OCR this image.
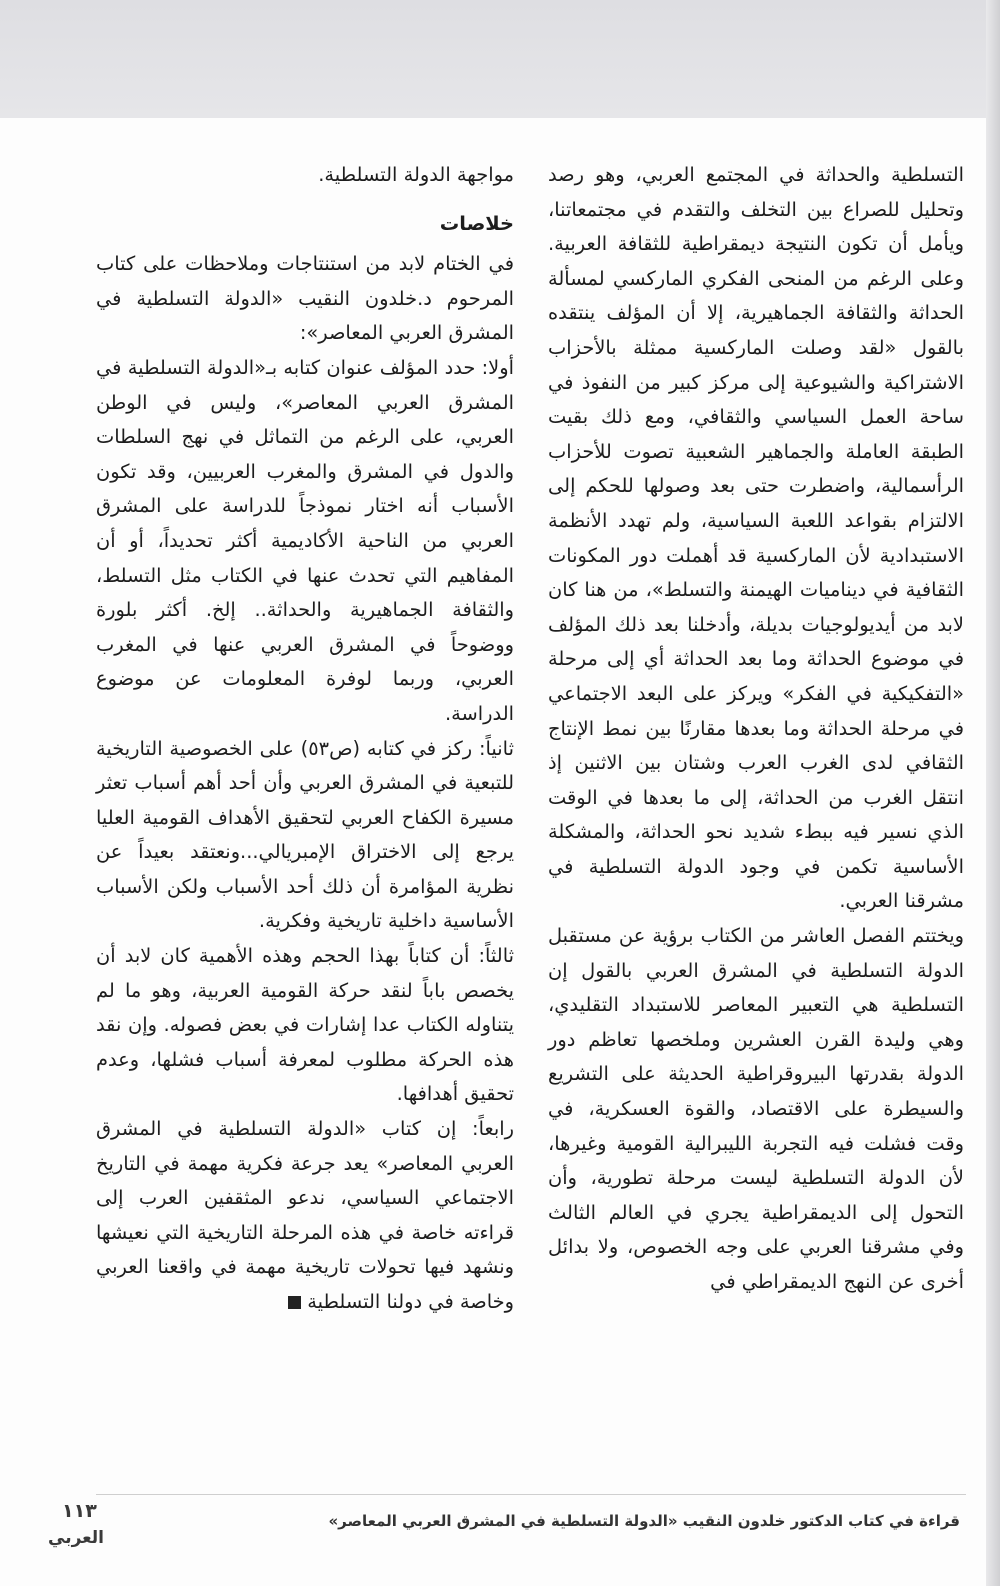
التسلطية والحداثة في المجتمع العربي، وهو رصد وتحليل للصراع بين التخلف والتقدم في مجتمعاتنا، ويأمل أن تكون النتيجة ديمقراطية للثقافة العربية. وعلى الرغم من المنحى الفكري الماركسي لمسألة الحداثة والثقافة الجماهيرية، إلا أن المؤلف ينتقده بالقول «لقد وصلت الماركسية ممثلة بالأحزاب الاشتراكية والشيوعية إلى مركز كبير من النفوذ في ساحة العمل السياسي والثقافي، ومع ذلك بقيت الطبقة العاملة والجماهير الشعبية تصوت للأحزاب الرأسمالية، واضطرت حتى بعد وصولها للحكم إلى الالتزام بقواعد اللعبة السياسية، ولم تهدد الأنظمة الاستبدادية لأن الماركسية قد أهملت دور المكونات الثقافية في ديناميات الهيمنة والتسلط»، من هنا كان لابد من أيديولوجيات بديلة، وأدخلنا بعد ذلك المؤلف في موضوع الحداثة وما بعد الحداثة أي إلى مرحلة «التفكيكية في الفكر» ويركز على البعد الاجتماعي في مرحلة الحداثة وما بعدها مقارنًا بين نمط الإنتاج الثقافي لدى الغرب العرب وشتان بين الاثنين إذ انتقل الغرب من الحداثة، إلى ما بعدها في الوقت الذي نسير فيه ببطء شديد نحو الحداثة، والمشكلة الأساسية تكمن في وجود الدولة التسلطية في مشرقنا العربي.

ويختتم الفصل العاشر من الكتاب برؤية عن مستقبل الدولة التسلطية في المشرق العربي بالقول إن التسلطية هي التعبير المعاصر للاستبداد التقليدي، وهي وليدة القرن العشرين وملخصها تعاظم دور الدولة بقدرتها البيروقراطية الحديثة على التشريع والسيطرة على الاقتصاد، والقوة العسكرية، في وقت فشلت فيه التجربة الليبرالية القومية وغيرها، لأن الدولة التسلطية ليست مرحلة تطورية، وأن التحول إلى الديمقراطية يجري في العالم الثالث وفي مشرقنا العربي على وجه الخصوص، ولا بدائل أخرى عن النهج الديمقراطي في

مواجهة الدولة التسلطية.

خلاصات

في الختام لابد من استنتاجات وملاحظات على كتاب المرحوم د.خلدون النقيب «الدولة التسلطية في المشرق العربي المعاصر»:

أولا: حدد المؤلف عنوان كتابه بـ«الدولة التسلطية في المشرق العربي المعاصر»، وليس في الوطن العربي، على الرغم من التماثل في نهج السلطات والدول في المشرق والمغرب العربيين، وقد تكون الأسباب أنه اختار نموذجاً للدراسة على المشرق العربي من الناحية الأكاديمية أكثر تحديداً، أو أن المفاهيم التي تحدث عنها في الكتاب مثل التسلط، والثقافة الجماهيرية والحداثة.. إلخ. أكثر بلورة ووضوحاً في المشرق العربي عنها في المغرب العربي، وربما لوفرة المعلومات عن موضوع الدراسة.

ثانياً: ركز في كتابه (ص٥٣) على الخصوصية التاريخية للتبعية في المشرق العربي وأن أحد أهم أسباب تعثر مسيرة الكفاح العربي لتحقيق الأهداف القومية العليا يرجع إلى الاختراق الإمبريالي...ونعتقد بعيداً عن نظرية المؤامرة أن ذلك أحد الأسباب ولكن الأسباب الأساسية داخلية تاريخية وفكرية.

ثالثاً: أن كتاباً بهذا الحجم وهذه الأهمية كان لابد أن يخصص باباً لنقد حركة القومية العربية، وهو ما لم يتناوله الكتاب عدا إشارات في بعض فصوله. وإن نقد هذه الحركة مطلوب لمعرفة أسباب فشلها، وعدم تحقيق أهدافها.

رابعاً: إن كتاب «الدولة التسلطية في المشرق العربي المعاصر» يعد جرعة فكرية مهمة في التاريخ الاجتماعي السياسي، ندعو المثقفين العرب إلى قراءته خاصة في هذه المرحلة التاريخية التي نعيشها ونشهد فيها تحولات تاريخية مهمة في واقعنا العربي وخاصة في دولنا التسلطية

قراءة في كتاب الدكتور خلدون النقيب «الدولة التسلطية في المشرق العربي المعاصر»
١١٣
العربي
